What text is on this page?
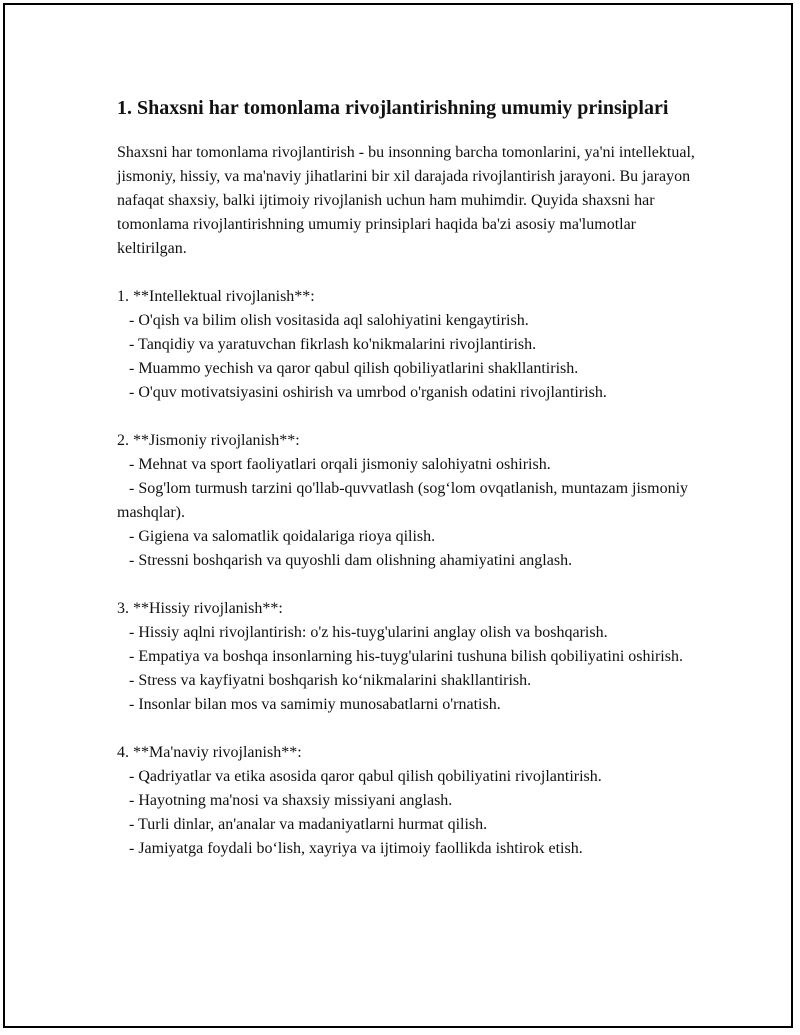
1. Shaxsni har tomonlama rivojlantirishning umumiy prinsiplari

Shaxsni har tomonlama rivojlantirish - bu insonning barcha tomonlarini, ya'ni intellektual, jismoniy, hissiy, va ma'naviy jihatlarini bir xil darajada rivojlantirish jarayoni. Bu jarayon nafaqat shaxsiy, balki ijtimoiy rivojlanish uchun ham muhimdir. Quyida shaxsni har tomonlama rivojlantirishning umumiy prinsiplari haqida ba'zi asosiy ma'lumotlar keltirilgan.

1. **Intellektual rivojlanish**:
- O'qish va bilim olish vositasida aql salohiyatini kengaytirish.
- Tanqidiy va yaratuvchan fikrlash ko'nikmalarini rivojlantirish.
- Muammo yechish va qaror qabul qilish qobiliyatlarini shakllantirish.
- O'quv motivatsiyasini oshirish va umrbod o'rganish odatini rivojlantirish.
2. **Jismoniy rivojlanish**:
- Mehnat va sport faoliyatlari orqali jismoniy salohiyatni oshirish.
- Sog'lom turmush tarzini qo'llab-quvvatlash (sog‘lom ovqatlanish, muntazam jismoniy mashqlar).
- Gigiena va salomatlik qoidalariga rioya qilish.
- Stressni boshqarish va quyoshli dam olishning ahamiyatini anglash.
3. **Hissiy rivojlanish**:
- Hissiy aqlni rivojlantirish: o'z his-tuyg'ularini anglay olish va boshqarish.
- Empatiya va boshqa insonlarning his-tuyg'ularini tushuna bilish qobiliyatini oshirish.
- Stress va kayfiyatni boshqarish ko‘nikmalarini shakllantirish.
- Insonlar bilan mos va samimiy munosabatlarni o'rnatish.
4. **Ma'naviy rivojlanish**:
- Qadriyatlar va etika asosida qaror qabul qilish qobiliyatini rivojlantirish.
- Hayotning ma'nosi va shaxsiy missiyani anglash.
- Turli dinlar, an'analar va madaniyatlarni hurmat qilish.
- Jamiyatga foydali bo‘lish, xayriya va ijtimoiy faollikda ishtirok etish.
